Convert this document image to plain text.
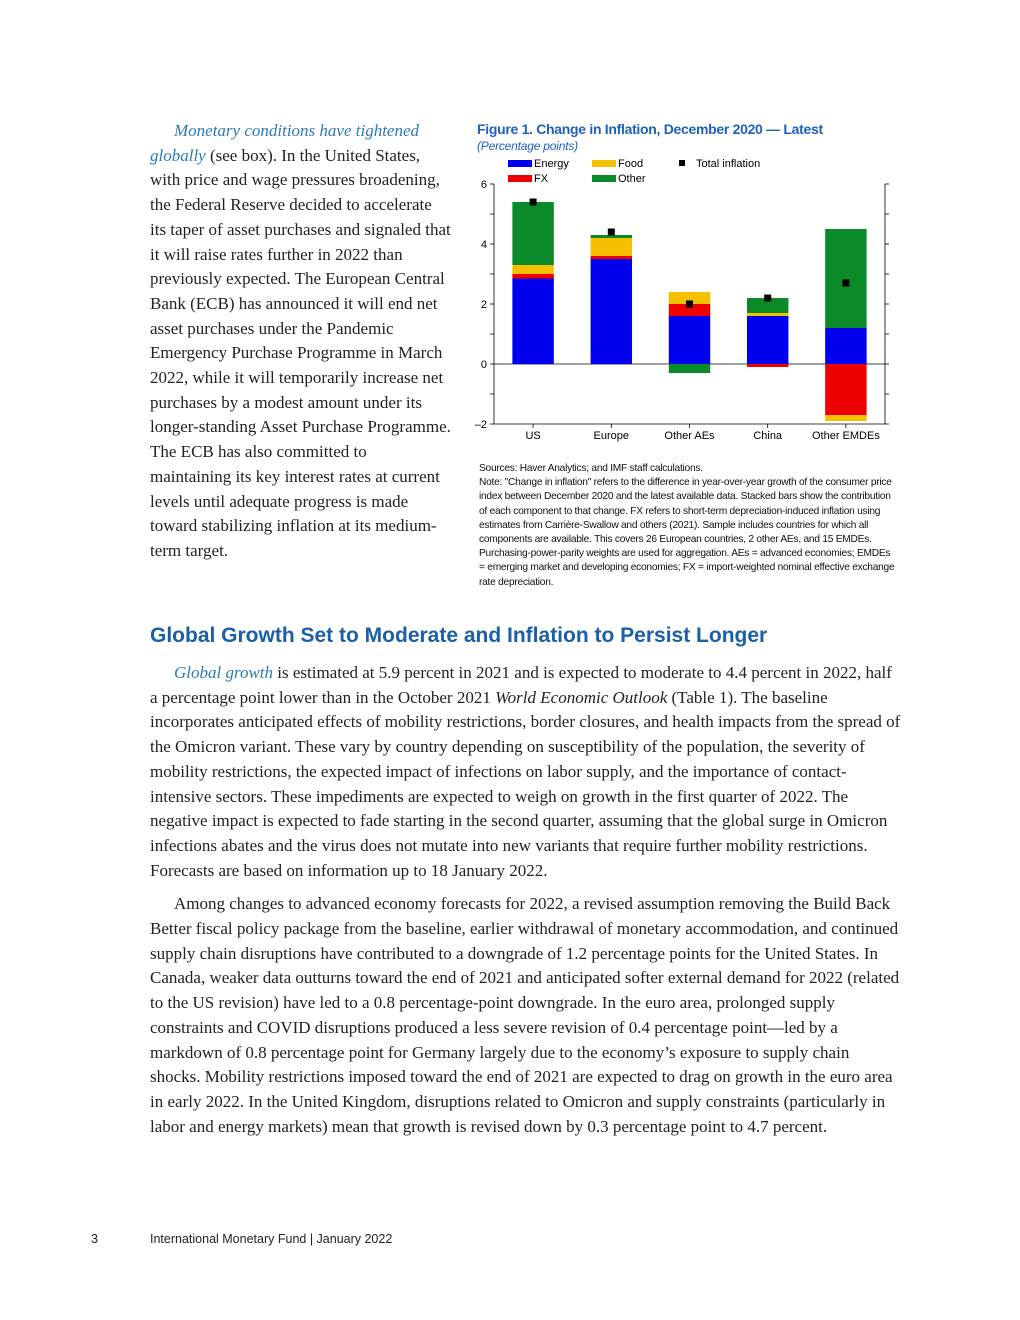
Monetary conditions have tightened globally (see box). In the United States, with price and wage pressures broadening, the Federal Reserve decided to accelerate its taper of asset purchases and signaled that it will raise rates further in 2022 than previously expected. The European Central Bank (ECB) has announced it will end net asset purchases under the Pandemic Emergency Purchase Programme in March 2022, while it will temporarily increase net purchases by a modest amount under its longer-standing Asset Purchase Programme. The ECB has also committed to maintaining its key interest rates at current levels until adequate progress is made toward stabilizing inflation at its medium-term target.

Figure 1. Change in Inflation, December 2020 — Latest
(Percentage points)
–2
0
2
4
6
US	Europe	Other AEs	China	Other EMDEs
Energy	Food
FX	Other
Total inflation
Sources: Haver Analytics; and IMF staff calculations.
Note: "Change in inflation" refers to the difference in year-over-year growth of the consumer price index between December 2020 and the latest available data. Stacked bars show the contribution of each component to that change. FX refers to short-term depreciation-induced inflation using estimates from Carrière-Swallow and others (2021). Sample includes countries for which all components are available. This covers 26 European countries, 2 other AEs, and 15 EMDEs. Purchasing-power-parity weights are used for aggregation. AEs = advanced economies; EMDEs = emerging market and developing economies; FX = import-weighted nominal effective exchange rate depreciation.
Global Growth Set to Moderate and Inflation to Persist Longer

Global growth is estimated at 5.9 percent in 2021 and is expected to moderate to 4.4 percent in 2022, half a percentage point lower than in the October 2021 World Economic Outlook (Table 1). The baseline incorporates anticipated effects of mobility restrictions, border closures, and health impacts from the spread of the Omicron variant. These vary by country depending on susceptibility of the population, the severity of mobility restrictions, the expected impact of infections on labor supply, and the importance of contact-intensive sectors. These impediments are expected to weigh on growth in the first quarter of 2022. The negative impact is expected to fade starting in the second quarter, assuming that the global surge in Omicron infections abates and the virus does not mutate into new variants that require further mobility restrictions. Forecasts are based on information up to 18 January 2022.

Among changes to advanced economy forecasts for 2022, a revised assumption removing the Build Back Better fiscal policy package from the baseline, earlier withdrawal of monetary accommodation, and continued supply chain disruptions have contributed to a downgrade of 1.2 percentage points for the United States. In Canada, weaker data outturns toward the end of 2021 and anticipated softer external demand for 2022 (related to the US revision) have led to a 0.8 percentage-point downgrade. In the euro area, prolonged supply constraints and COVID disruptions produced a less severe revision of 0.4 percentage point—led by a markdown of 0.8 percentage point for Germany largely due to the economy’s exposure to supply chain shocks. Mobility restrictions imposed toward the end of 2021 are expected to drag on growth in the euro area in early 2022. In the United Kingdom, disruptions related to Omicron and supply constraints (particularly in labor and energy markets) mean that growth is revised down by 0.3 percentage point to 4.7 percent.

3	International Monetary Fund | January 2022
